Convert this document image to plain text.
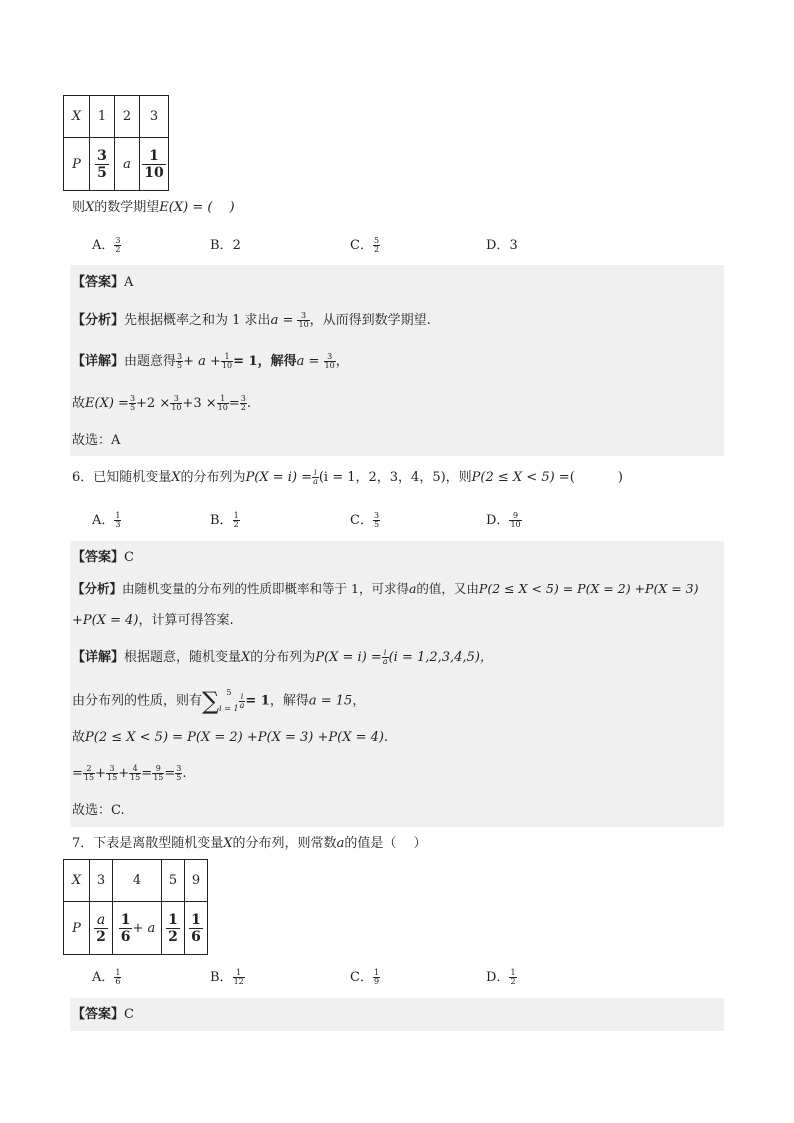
X	1	2	3
P	$\frac{3}{5}$	a	$\frac{1}{10}$
则X的数学期望E(X) = (　 )
A． $\frac{3}{2}$	B．2	C． $\frac{5}{2}$	D．3
【答案】A
【分析】先根据概率之和为 1 求出$a = \frac{3}{10}$ ，从而得到数学期望.
【详解】由题意得 $\frac{3}{5} + a + \frac{1}{10} = 1$，解得$a = \frac{3}{10}$ ，
故$E(X) = \frac{3}{5} +2 \times \frac{3}{10} +3 \times \frac{1}{10} = \frac{3}{2}$ .
故选：A
6．已知随机变量X的分布列为$P(X = i) = \frac{i}{a} (i = 1$，2，3，4，5)，则P(2 ≤ X < 5) =(　　　 )
A． $\frac{1}{3}$	B． $\frac{1}{2}$	C． $\frac{3}{5}$	D． $\frac{9}{10}$
【答案】C
【分析】由随机变量的分布列的性质即概率和等于 1，可求得a的值，又由P(2 ≤ X < 5) = P(X = 2) +P(X = 3)
+P(X = 4)，计算可得答案.
【详解】根据题意，随机变量X的分布列为$P(X = i) = \frac{i}{a} (i = 1,2,3,4,5)$，
由分布列的性质，则有∑ 5
$i = 1 \frac{i}{a} = 1$，解得a = 15，
故P(2 ≤ X < 5) = P(X = 2) +P(X = 3) +P(X = 4).
= $\frac{2}{15} + \frac{3}{15} + \frac{4}{15} = \frac{9}{15} = \frac{3}{5}$ .
故选：C.
7．下表是离散型随机变量X的分布列，则常数a的值是（　 ）
X	3	4	5	9
P	$\frac{a}{2}$	$\frac{1}{6} + a$	$\frac{1}{2}$	$\frac{1}{6}$
A． $\frac{1}{6}$	B． $\frac{1}{12}$	C． $\frac{1}{9}$	D． $\frac{1}{2}$
【答案】C
